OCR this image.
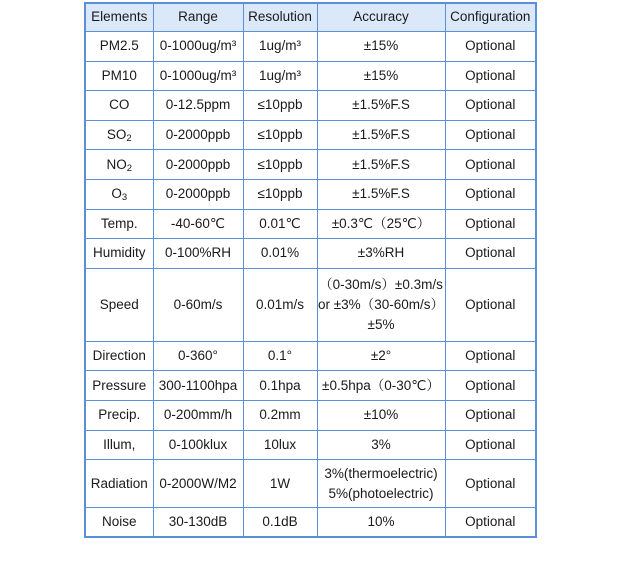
Elements	Range	Resolution	Accuracy	Configuration
PM2.5	0-1000ug/m³	1ug/m³	±15%	Optional
PM10	0-1000ug/m³	1ug/m³	±15%	Optional
CO	0-12.5ppm	≤10ppb	±1.5%F.S	Optional
$SO_2$	0-2000ppb	≤10ppb	±1.5%F.S	Optional
$NO_2$	0-2000ppb	≤10ppb	±1.5%F.S	Optional
$O_3$	0-2000ppb	≤10ppb	±1.5%F.S	Optional
Temp.	-40-60℃	0.01℃	±0.3℃（25℃）	Optional
Humidity	0-100%RH	0.01%	±3%RH	Optional
Speed	0-60m/s	0.01m/s	（0-30m/s）±0.3m/s
or ±3%（30-60m/s）
±5%	Optional
Direction	0-360°	0.1°	±2°	Optional
Pressure	300-1100hpa	0.1hpa	±0.5hpa（0-30℃）	Optional
Precip.	0-200mm/h	0.2mm	±10%	Optional
Illum,	0-100klux	10lux	3%	Optional
Radiation	0-2000W/M2	1W	3%(thermoelectric)
5%(photoelectric)	Optional
Noise	30-130dB	0.1dB	10%	Optional
